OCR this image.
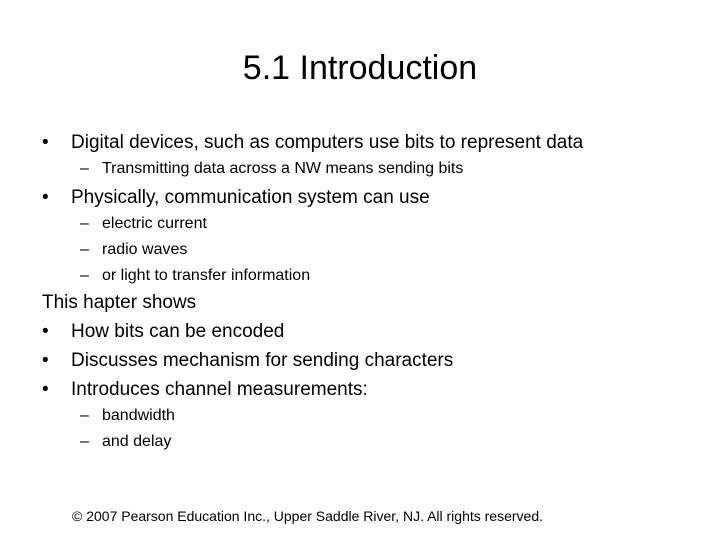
5.1 Introduction
• Digital devices, such as computers use bits to represent data
– Transmitting data across a NW means sending bits
• Physically, communication system can use
– electric current
– radio waves
– or light to transfer information
This hapter shows
• How bits can be encoded
• Discusses mechanism for sending characters
• Introduces channel measurements:
– bandwidth
– and delay
© 2007 Pearson Education Inc., Upper Saddle River, NJ. All rights reserved.
